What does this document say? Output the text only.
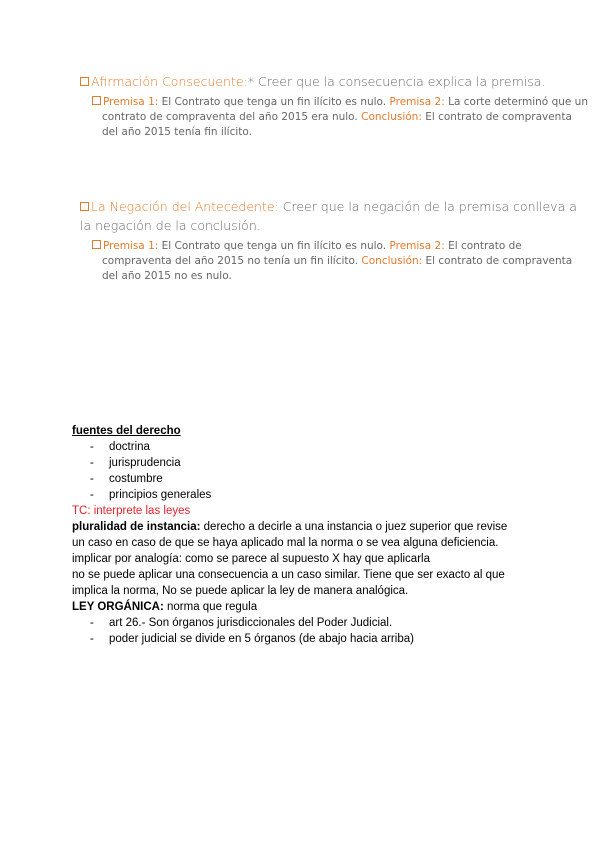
Afirmación Consecuente:* Creer que la consecuencia explica la premisa.
Premisa 1: El Contrato que tenga un fin ilícito es nulo. Premisa 2: La corte determinó que un contrato de compraventa del año 2015 era nulo. Conclusión: El contrato de compraventa del año 2015 tenía fin ilícito.
La Negación del Antecedente: Creer que la negación de la premisa conlleva a la negación de la conclusión.
Premisa 1: El Contrato que tenga un fin ilícito es nulo. Premisa 2: El contrato de compraventa del año 2015 no tenía un fin ilícito. Conclusión: El contrato de compraventa del año 2015 no es nulo.
fuentes del derecho
- doctrina
- jurisprudencia
- costumbre
- principios generales
TC: interprete las leyes
pluralidad de instancia: derecho a decirle a una instancia o juez superior que revise un caso en caso de que se haya aplicado mal la norma o se vea alguna deficiencia.
implicar por analogía: como se parece al supuesto X hay que aplicarla
no se puede aplicar una consecuencia a un caso similar. Tiene que ser exacto al que implica la norma, No se puede aplicar la ley de manera analógica.
LEY ORGÁNICA: norma que regula
- art 26.- Son órganos jurisdiccionales del Poder Judicial.
- poder judicial se divide en 5 órganos (de abajo hacia arriba)
